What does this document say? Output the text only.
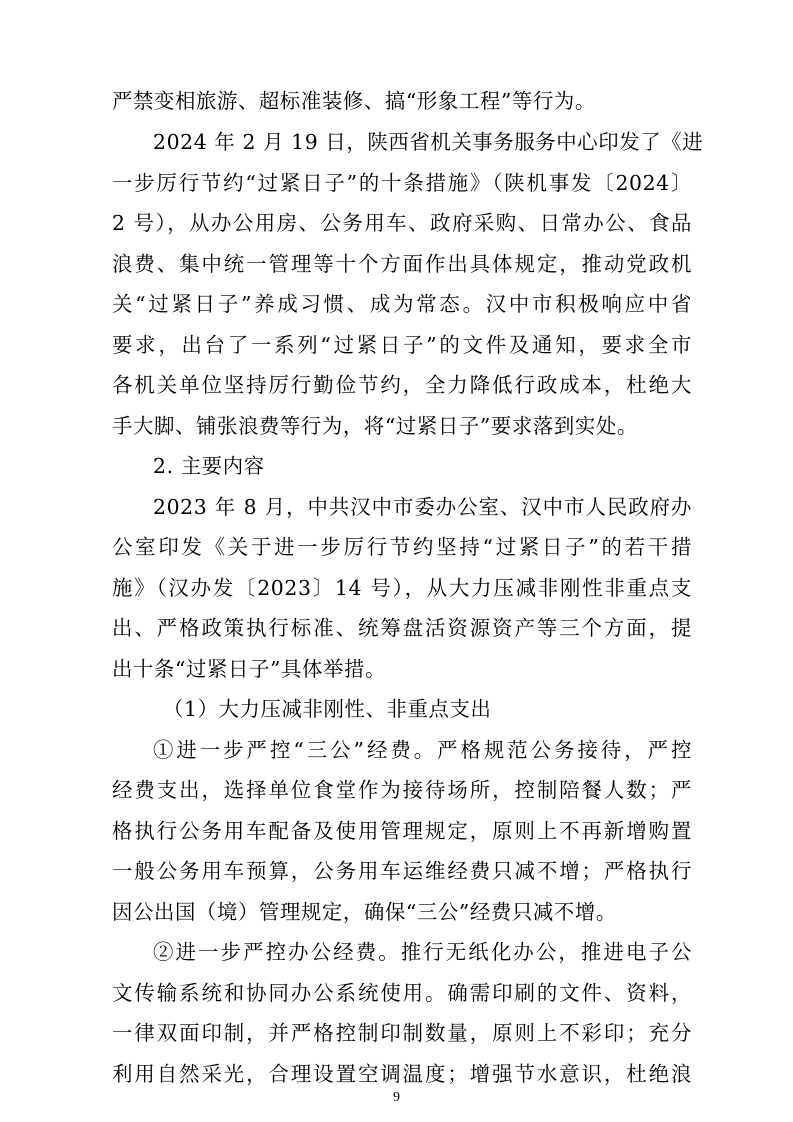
严禁变相旅游、超标准装修、搞“形象工程”等行为。
2024 年 2 月 19 日，陕西省机关事务服务中心印发了《进
一步厉行节约“过紧日子”的十条措施》（陕机事发〔2024〕
2 号），从办公用房、公务用车、政府采购、日常办公、食品
浪费、集中统一管理等十个方面作出具体规定，推动党政机
关“过紧日子”养成习惯、成为常态。汉中市积极响应中省
要求，出台了一系列“过紧日子”的文件及通知，要求全市
各机关单位坚持厉行勤俭节约，全力降低行政成本，杜绝大
手大脚、铺张浪费等行为，将“过紧日子”要求落到实处。
2. 主要内容
2023 年 8 月，中共汉中市委办公室、汉中市人民政府办
公室印发《关于进一步厉行节约坚持“过紧日子”的若干措
施》（汉办发〔2023〕14 号），从大力压减非刚性非重点支
出、严格政策执行标准、统筹盘活资源资产等三个方面，提
出十条“过紧日子”具体举措。
（1）大力压减非刚性、非重点支出
①进一步严控“三公”经费。严格规范公务接待，严控
经费支出，选择单位食堂作为接待场所，控制陪餐人数；严
格执行公务用车配备及使用管理规定，原则上不再新增购置
一般公务用车预算，公务用车运维经费只减不增；严格执行
因公出国（境）管理规定，确保“三公”经费只减不增。
②进一步严控办公经费。推行无纸化办公，推进电子公
文传输系统和协同办公系统使用。确需印刷的文件、资料，
一律双面印制，并严格控制印制数量，原则上不彩印；充分
利用自然采光，合理设置空调温度；增强节水意识，杜绝浪
9
